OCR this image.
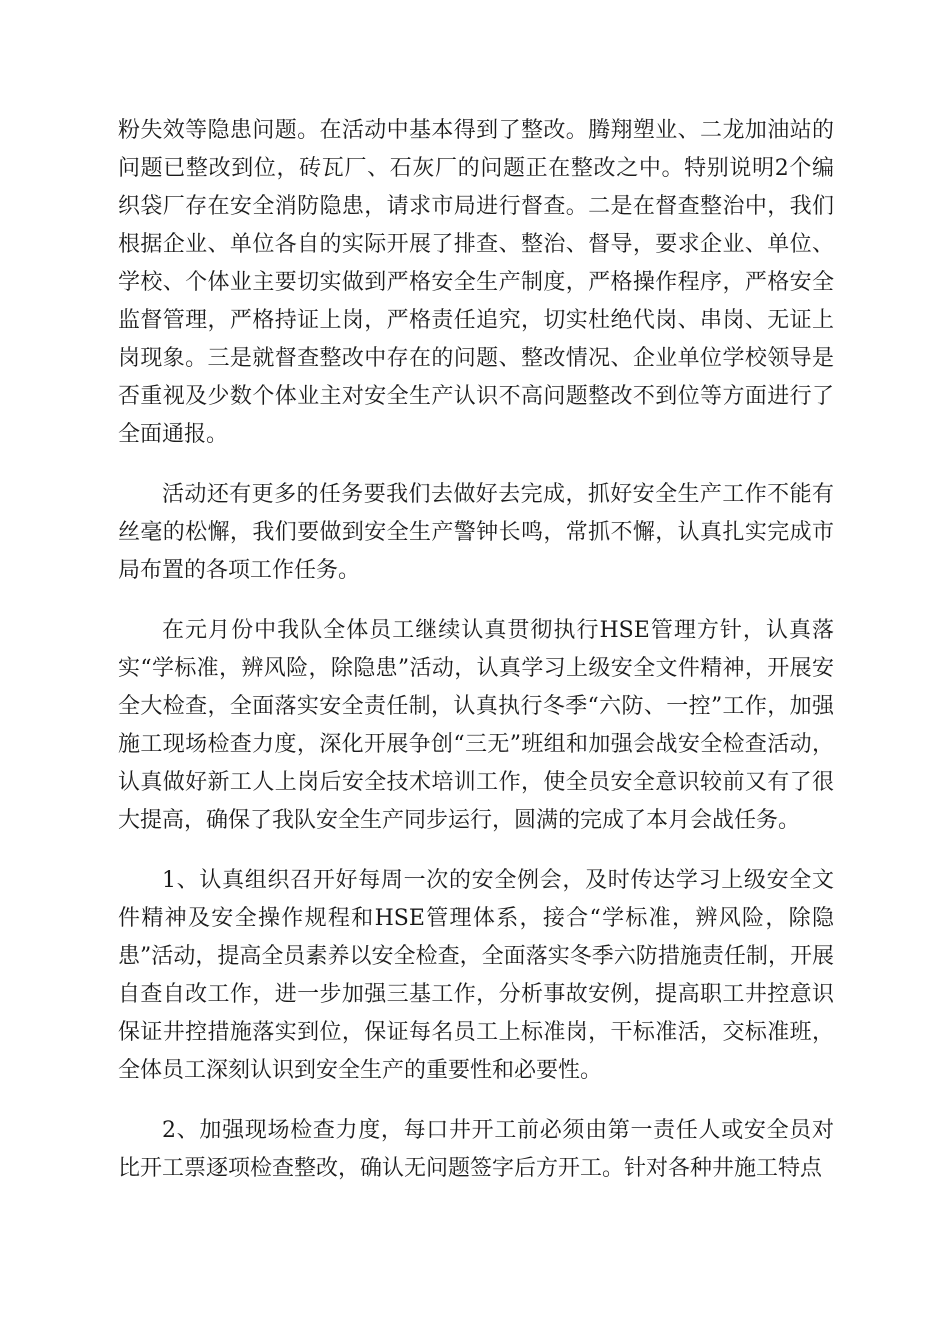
粉失效等隐患问题。在活动中基本得到了整改。腾翔塑业、二龙加油站的问题已整改到位，砖瓦厂、石灰厂的问题正在整改之中。特别说明2个编织袋厂存在安全消防隐患，请求市局进行督查。二是在督查整治中，我们根据企业、单位各自的实际开展了排查、整治、督导，要求企业、单位、学校、个体业主要切实做到严格安全生产制度，严格操作程序，严格安全监督管理，严格持证上岗，严格责任追究，切实杜绝代岗、串岗、无证上岗现象。三是就督查整改中存在的问题、整改情况、企业单位学校领导是否重视及少数个体业主对安全生产认识不高问题整改不到位等方面进行了全面通报。

活动还有更多的任务要我们去做好去完成，抓好安全生产工作不能有丝毫的松懈，我们要做到安全生产警钟长鸣，常抓不懈，认真扎实完成市局布置的各项工作任务。

在元月份中我队全体员工继续认真贯彻执行HSE管理方针，认真落实“学标准，辨风险，除隐患”活动，认真学习上级安全文件精神，开展安全大检查，全面落实安全责任制，认真执行冬季“六防、一控”工作，加强施工现场检查力度，深化开展争创“三无”班组和加强会战安全检查活动，认真做好新工人上岗后安全技术培训工作，使全员安全意识较前又有了很大提高，确保了我队安全生产同步运行，圆满的完成了本月会战任务。

1、认真组织召开好每周一次的安全例会，及时传达学习上级安全文件精神及安全操作规程和HSE管理体系，接合“学标准，辨风险，除隐患”活动，提高全员素养以安全检查，全面落实冬季六防措施责任制，开展自查自改工作，进一步加强三基工作，分析事故安例，提高职工井控意识保证井控措施落实到位，保证每名员工上标准岗，干标准活，交标准班，全体员工深刻认识到安全生产的重要性和必要性。

2、加强现场检查力度，每口井开工前必须由第一责任人或安全员对比开工票逐项检查整改，确认无问题签字后方开工。针对各种井施工特点
